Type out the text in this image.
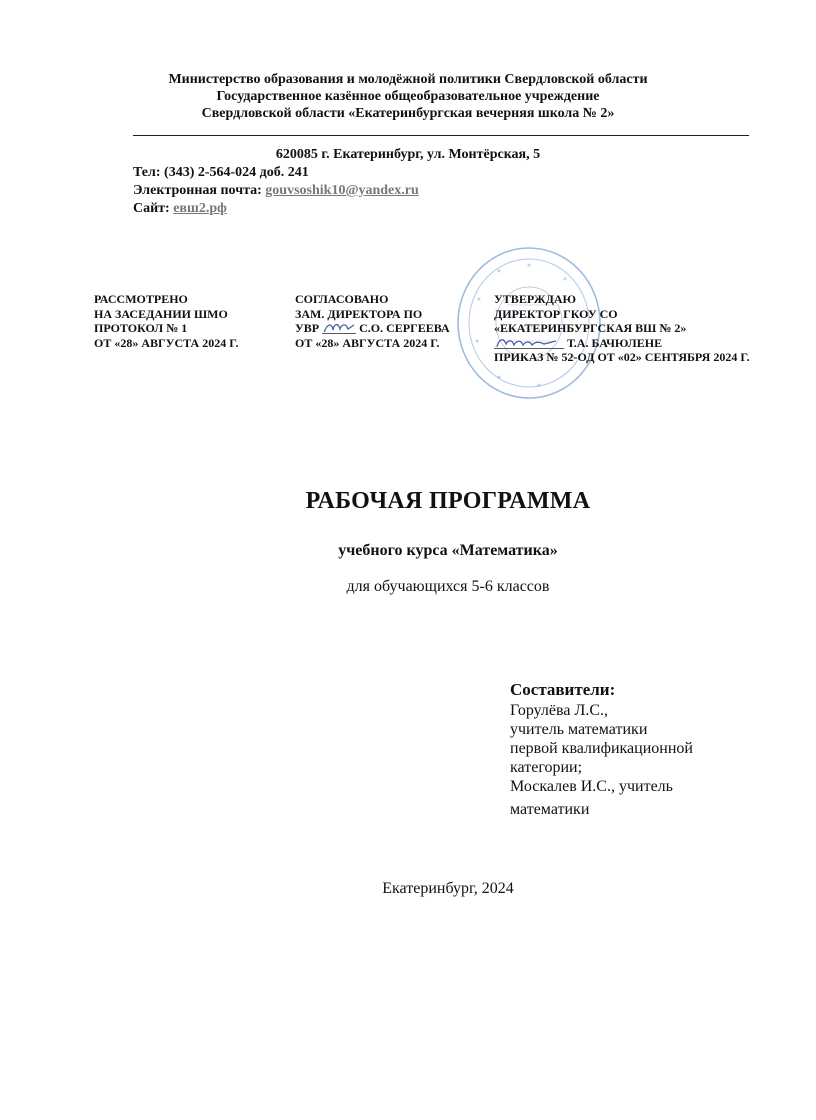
Министерство образования и молодёжной политики Свердловской области
Государственное казённое общеобразовательное учреждение
Свердловской области «Екатеринбургская вечерняя школа № 2»
620085 г. Екатеринбург, ул. Монтёрская, 5
Тел: (343) 2-564-024 доб. 241
Электронная почта: gouvsoshik10@yandex.ru
Сайт: евш2.рф
РАССМОТРЕНО
НА ЗАСЕДАНИИ ШМО
ПРОТОКОЛ № 1
ОТ «28» АВГУСТА 2024 Г.
СОГЛАСОВАНО
ЗАМ. ДИРЕКТОРА ПО
УВР	С.О. СЕРГЕЕВА
ОТ «28» АВГУСТА 2024 Г.
УТВЕРЖДАЮ
ДИРЕКТОР ГКОУ СО
«ЕКАТЕРИНБУРГСКАЯ ВШ № 2»
Т.А. БАЧЮЛЕНЕ
ПРИКАЗ № 52-ОД ОТ «02» СЕНТЯБРЯ 2024 Г.
РАБОЧАЯ ПРОГРАММА
учебного курса «Математика»
для обучающихся 5-6 классов
Составители:
Горулёва Л.С.,
учитель математики
первой квалификационной
категории;
Москалев И.С., учитель
математики
Екатеринбург, 2024
